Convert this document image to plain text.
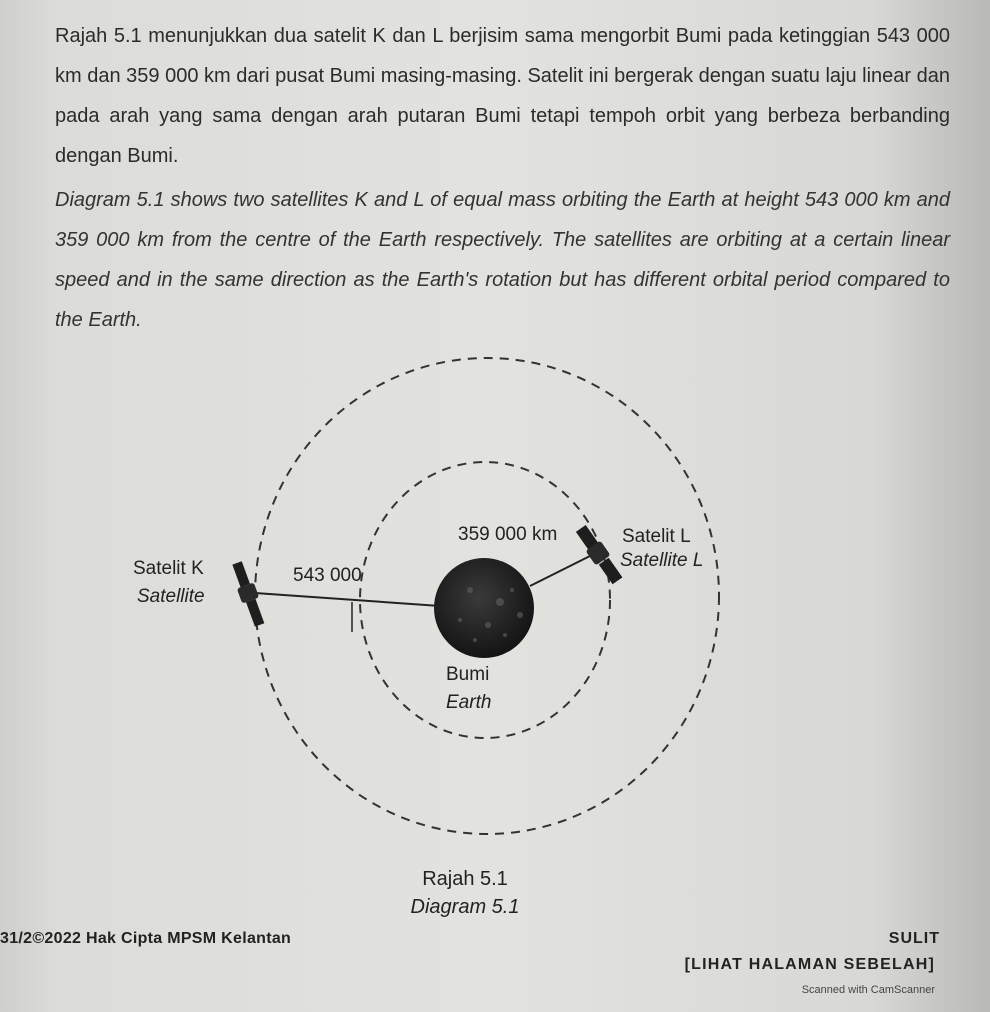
Rajah 5.1 menunjukkan dua satelit K dan L berjisim sama mengorbit Bumi pada ketinggian 543 000 km dan 359 000 km dari pusat Bumi masing-masing. Satelit ini bergerak dengan suatu laju linear dan pada arah yang sama dengan arah putaran Bumi tetapi tempoh orbit yang berbeza berbanding dengan Bumi.
Diagram 5.1 shows two satellites K and L of equal mass orbiting the Earth at height 543 000 km and 359 000 km from the centre of the Earth respectively. The satellites are orbiting at a certain linear speed and in the same direction as the Earth's rotation but has different orbital period compared to the Earth.
Satelit K
Satellite
543 000
359 000 km	Satelit L
Satellite L
Bumi
Earth
Rajah 5.1
Diagram 5.1
31/2©2022 Hak Cipta MPSM Kelantan	SULIT
[LIHAT HALAMAN SEBELAH]
Scanned with CamScanner
